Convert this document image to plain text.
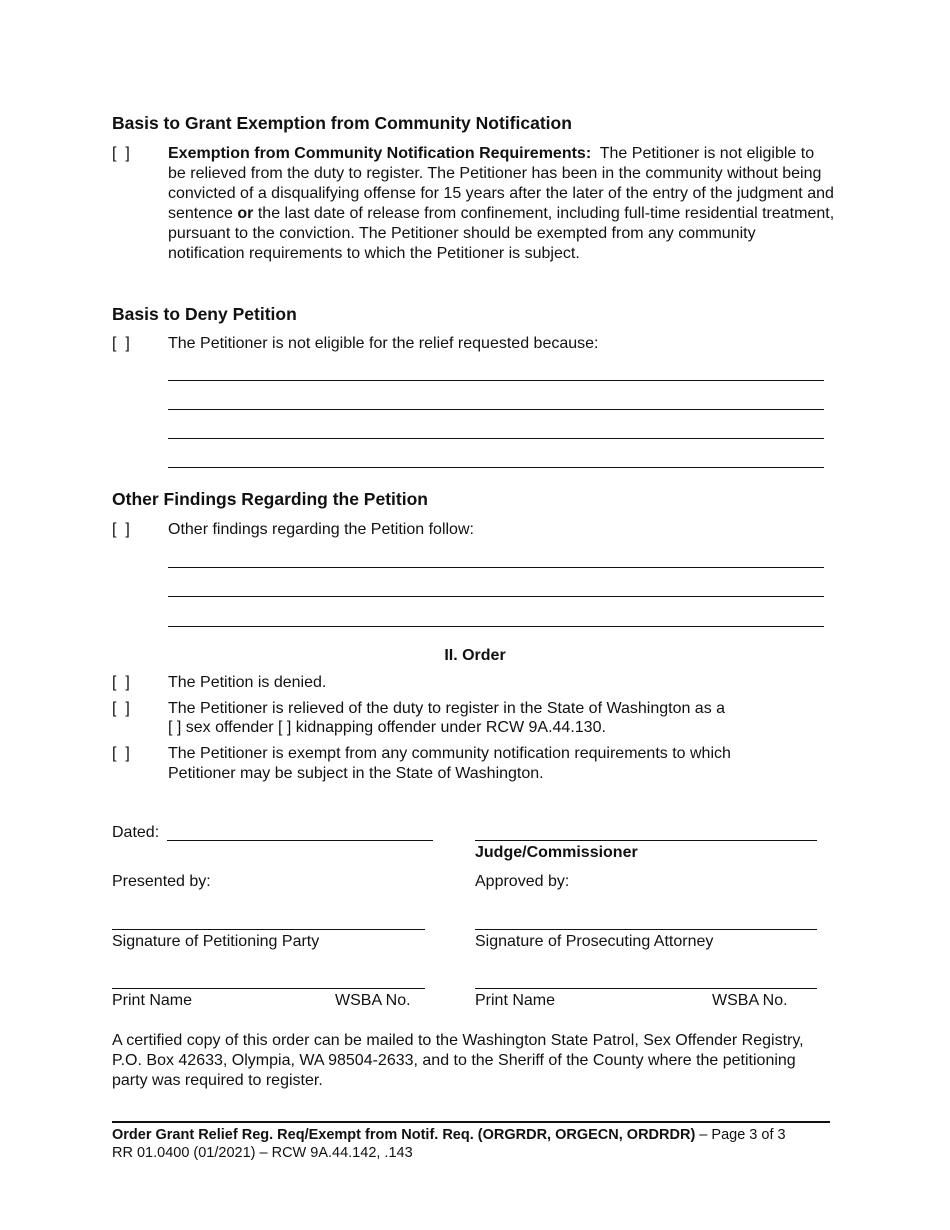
Basis to Grant Exemption from Community Notification
[  ] Exemption from Community Notification Requirements: The Petitioner is not eligible to be relieved from the duty to register. The Petitioner has been in the community without being convicted of a disqualifying offense for 15 years after the later of the entry of the judgment and sentence or the last date of release from confinement, including full-time residential treatment, pursuant to the conviction. The Petitioner should be exempted from any community notification requirements to which the Petitioner is subject.

Basis to Deny Petition
[  ] The Petitioner is not eligible for the relief requested because:
Other Findings Regarding the Petition
[  ] Other findings regarding the Petition follow:
II. Order
[  ] The Petition is denied.
[  ] The Petitioner is relieved of the duty to register in the State of Washington as a
[ ] sex offender [ ] kidnapping offender under RCW 9A.44.130.
[  ] The Petitioner is exempt from any community notification requirements to which
Petitioner may be subject in the State of Washington.
Dated:
Judge/Commissioner
Presented by:	Approved by:
Signature of Petitioning Party	Signature of Prosecuting Attorney
Print Name	WSBA No.	Print Name	WSBA No.

A certified copy of this order can be mailed to the Washington State Patrol, Sex Offender Registry, P.O. Box 42633, Olympia, WA 98504-2633, and to the Sheriff of the County where the petitioning party was required to register.

Order Grant Relief Reg. Req/Exempt from Notif. Req. (ORGRDR, ORGECN, ORDRDR) – Page 3 of 3
RR 01.0400 (01/2021) – RCW 9A.44.142, .143
